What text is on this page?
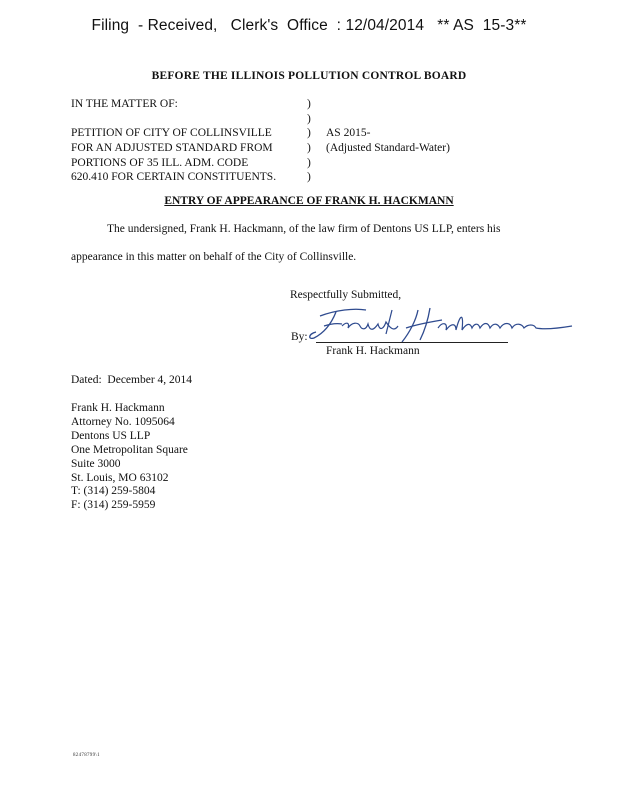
Filing  - Received,   Clerk's  Office  : 12/04/2014   ** AS  15-3**
BEFORE THE ILLINOIS POLLUTION CONTROL BOARD
IN THE MATTER OF:
PETITION OF CITY OF COLLINSVILLE
FOR AN ADJUSTED STANDARD FROM
PORTIONS OF 35 ILL. ADM. CODE
620.410 FOR CERTAIN CONSTITUENTS.
)
)
)
)
)
)
AS 2015-
(Adjusted Standard-Water)
ENTRY OF APPEARANCE OF FRANK H. HACKMANN
The undersigned, Frank H. Hackmann, of the law firm of Dentons US LLP, enters his
appearance in this matter on behalf of the City of Collinsville.
Respectfully Submitted,
By:
Frank H. Hackmann
Dated:  December 4, 2014
Frank H. Hackmann
Attorney No. 1095064
Dentons US LLP
One Metropolitan Square
Suite 3000
St. Louis, MO 63102
T: (314) 259-5804
F: (314) 259-5959
82478799\1
